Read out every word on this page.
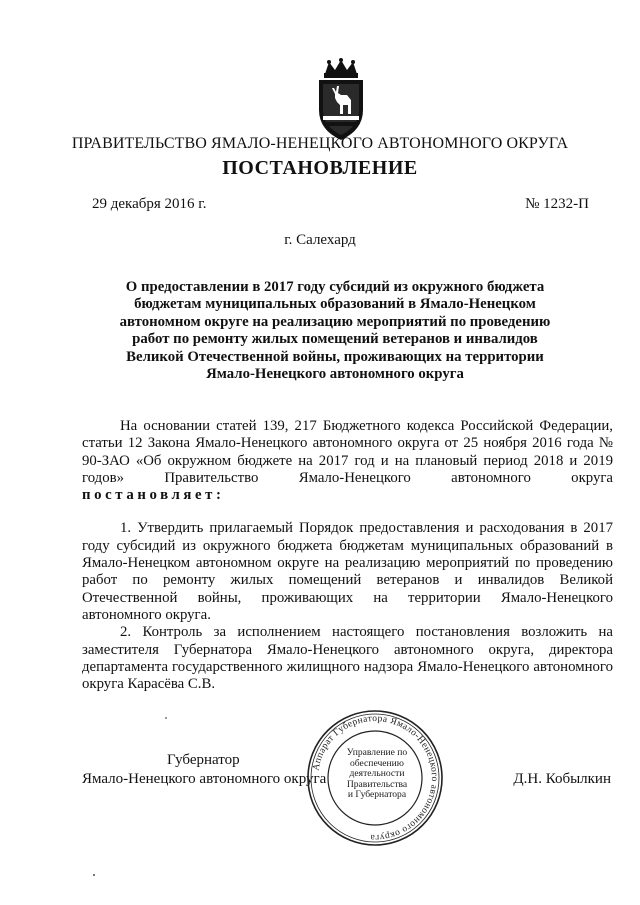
ПРАВИТЕЛЬСТВО ЯМАЛО-НЕНЕЦКОГО АВТОНОМНОГО ОКРУГА
ПОСТАНОВЛЕНИЕ
29 декабря 2016 г.	№ 1232-П
г. Салехард
О предоставлении в 2017 году субсидий из окружного бюджета
бюджетам муниципальных образований в Ямало-Ненецком
автономном округе на реализацию мероприятий по проведению
работ по ремонту жилых помещений ветеранов и инвалидов
Великой Отечественной войны, проживающих на территории
Ямало-Ненецкого автономного округа

На основании статей 139, 217 Бюджетного кодекса Российской Федерации, статьи 12 Закона Ямало-Ненецкого автономного округа от 25 ноября 2016 года № 90-ЗАО «Об окружном бюджете на 2017 год и на плановый период 2018 и 2019 годов» Правительство Ямало-Ненецкого автономного округа

постановляет:

1. Утвердить прилагаемый Порядок предоставления и расходования в 2017 году субсидий из окружного бюджета бюджетам муниципальных образований в Ямало-Ненецком автономном округе на реализацию мероприятий по проведению работ по ремонту жилых помещений ветеранов и инвалидов Великой Отечественной войны, проживающих на территории Ямало-Ненецкого автономного округа.

2. Контроль за исполнением настоящего постановления возложить на заместителя Губернатора Ямало-Ненецкого автономного округа, директора департамента государственного жилищного надзора Ямало-Ненецкого автономного округа Карасёва С.В.

Губернатор
Ямало-Ненецкого автономного округа	Д.Н. Кобылкин
Аппарат Губернатора Ямало-Ненецкого автономного округа
Управление по
обеспечению
деятельности
Правительства
и Губернатора
